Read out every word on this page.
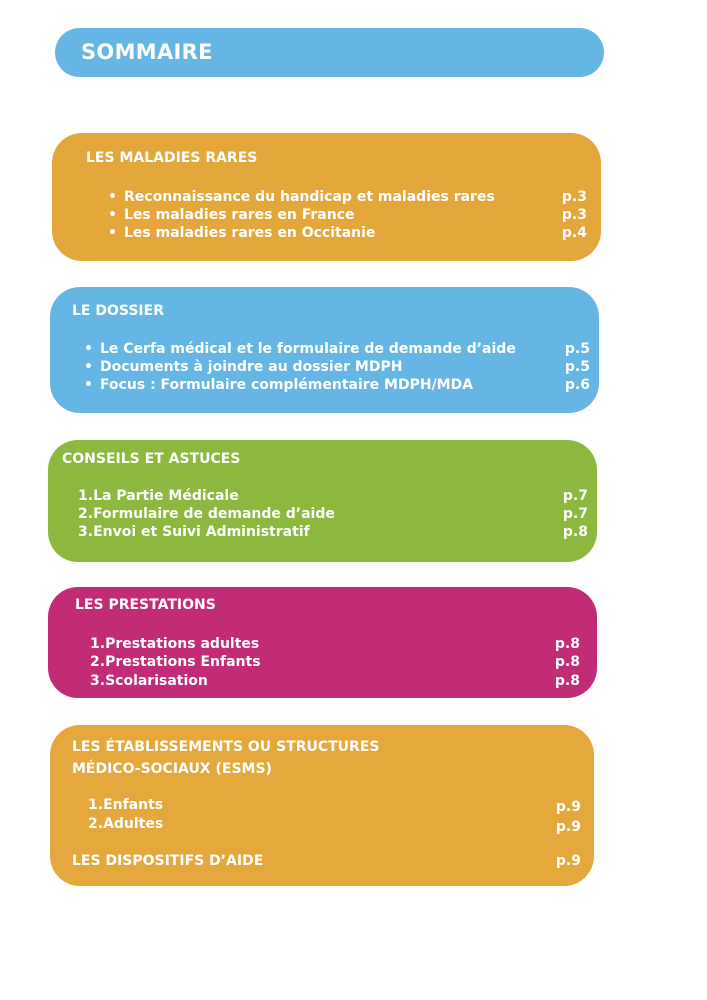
SOMMAIRE
LES MALADIES RARES
• Reconnaissance du handicap et maladies rares	p.3
• Les maladies rares en France	p.3
• Les maladies rares en Occitanie	p.4
LE DOSSIER
• Le Cerfa médical et le formulaire de demande d’aide	p.5
• Documents à joindre au dossier MDPH	p.5
• Focus : Formulaire complémentaire MDPH/MDA	p.6
CONSEILS ET ASTUCES
1.La Partie Médicale	p.7
2.Formulaire de demande d’aide	p.7
3.Envoi et Suivi Administratif	p.8
LES PRESTATIONS
1.Prestations adultes	p.8
2.Prestations Enfants	p.8
3.Scolarisation	p.8
LES ÉTABLISSEMENTS OU STRUCTURES
MÉDICO-SOCIAUX (ESMS)
1.Enfants	p.9
2.Adultes	p.9
LES DISPOSITIFS D’AIDE	p.9
